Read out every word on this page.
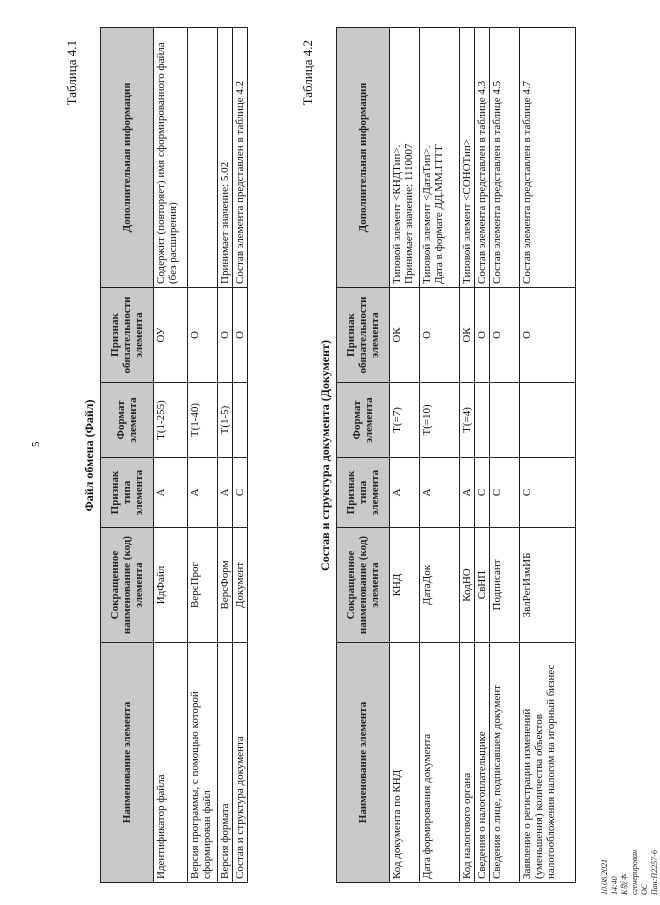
5
Таблица 4.1
Файл обмена (Файл)
Наименование элемента	Сокращенное наименование (код) элемента	Признак типа элемента	Формат элемента	Признак обязательности элемента	Дополнительная информация
Идентификатор файла	ИдФайл	А	T(1-255)	ОУ	Содержит (повторяет) имя сформированного файла (без расширения)
Версия программы, с помощью которой сформирован файл	ВерсПрог	А	T(1-40)	О	
Версия формата	ВерсФорм	А	T(1-5)	О	Принимает значение: 5.02
Состав и структура документа	Документ	С		О	Состав элемента представлен в таблице 4.2
Таблица 4.2
Состав и структура документа (Документ)
Наименование элемента	Сокращенное наименование (код) элемента	Признак типа элемента	Формат элемента	Признак обязательности элемента	Дополнительная информация
Код документа по КНД	КНД	А	T(=7)	ОК	Типовой элемент <КНДТип>. Принимает значение: 1110007

Дата формирования документа	ДатаДок	А	T(=10)	О	Типовой элемент <ДатаТип>. Дата в формате ДД.ММ.ГГГГ

Код налогового органа	КодНО	А	T(=4)	ОК	Типовой элемент <СОНОТип>
Сведения о налогоплательщике	СвНП	С		О	Состав элемента представлен в таблице 4.3
Сведения о лице, подписавшем документ	Подписант	С		О	Состав элемента представлен в таблице 4.5
Заявление о регистрации изменений (уменьшения) количества объектов налогообложения налогом на игорный бизнес	ЗвлРегИзмИБ	С		О	Состав элемента представлен в таблице 4.7
10.08.2021 14:40 К版本 сгенерирован ОС Пан:П2257-6
